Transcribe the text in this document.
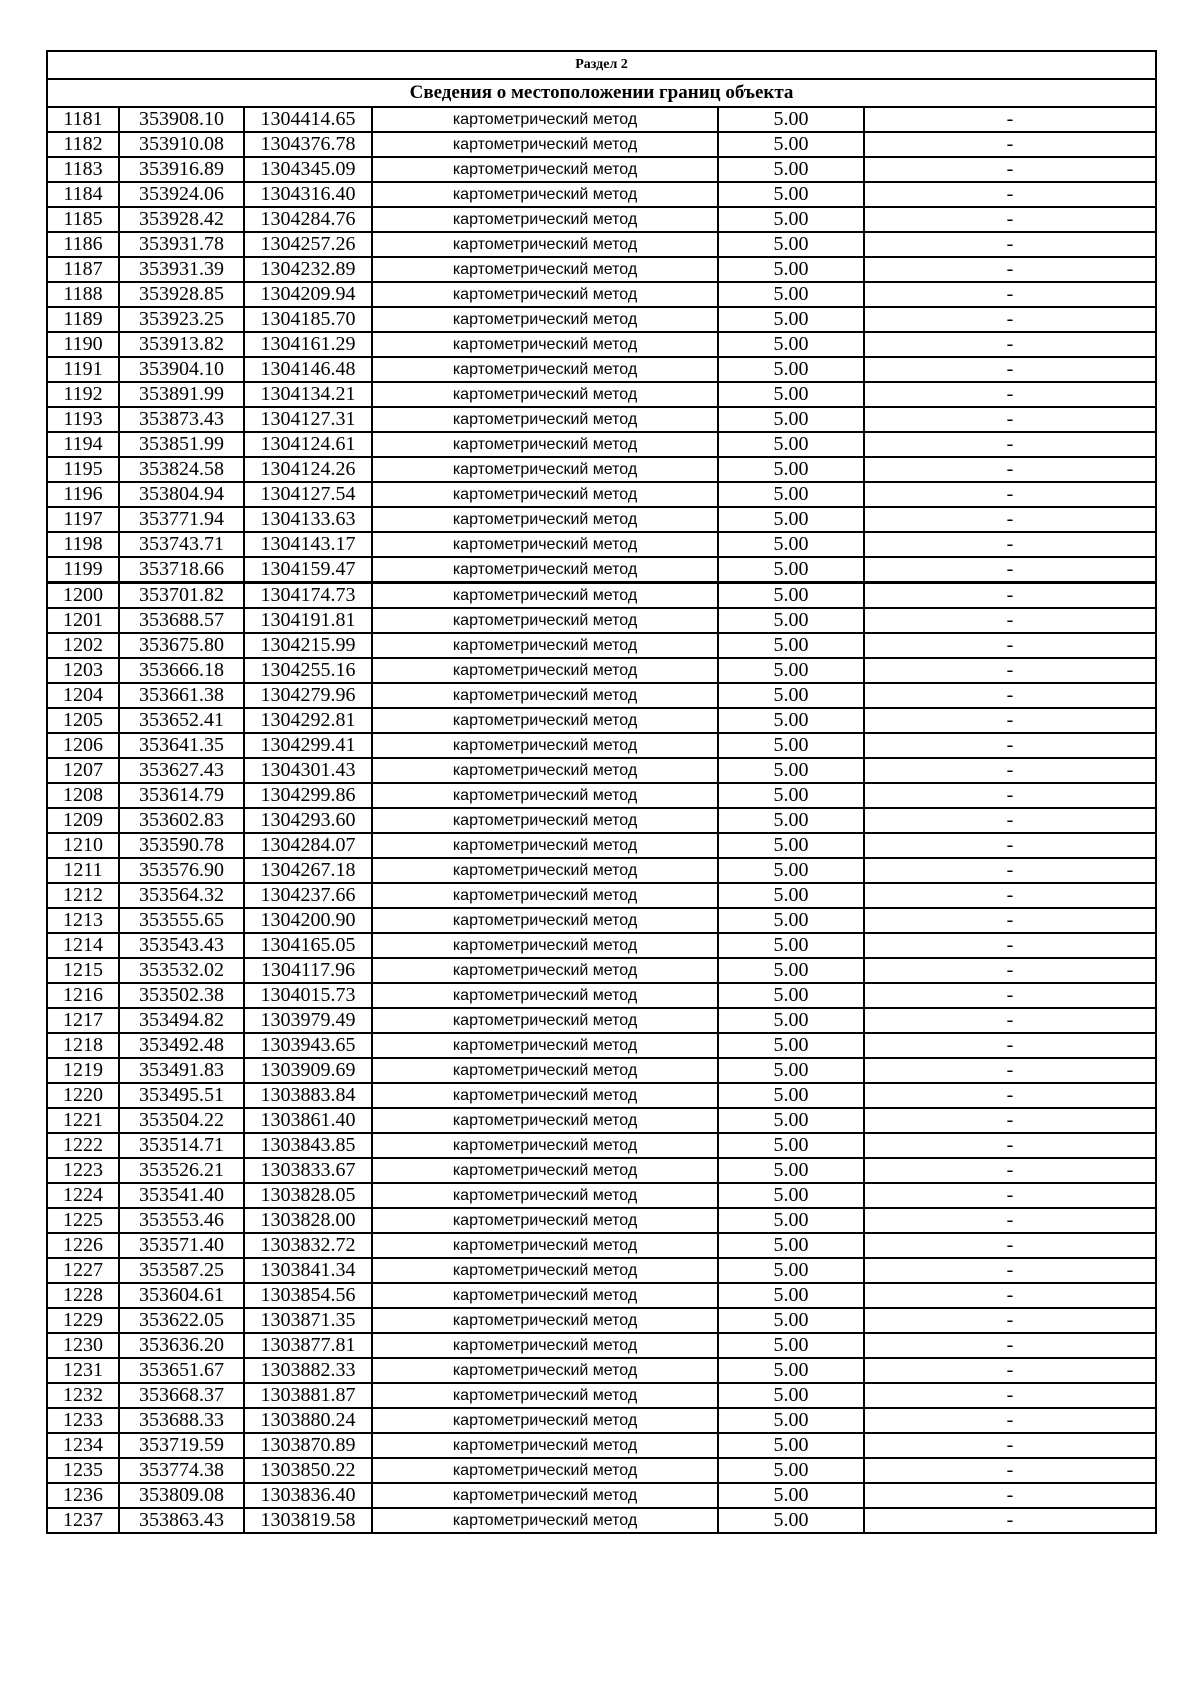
Раздел 2					
Сведения о местоположении границ объекта					
1181	353908.10	1304414.65	картометрический метод	5.00	-
1182	353910.08	1304376.78	картометрический метод	5.00	-
1183	353916.89	1304345.09	картометрический метод	5.00	-
1184	353924.06	1304316.40	картометрический метод	5.00	-
1185	353928.42	1304284.76	картометрический метод	5.00	-
1186	353931.78	1304257.26	картометрический метод	5.00	-
1187	353931.39	1304232.89	картометрический метод	5.00	-
1188	353928.85	1304209.94	картометрический метод	5.00	-
1189	353923.25	1304185.70	картометрический метод	5.00	-
1190	353913.82	1304161.29	картометрический метод	5.00	-
1191	353904.10	1304146.48	картометрический метод	5.00	-
1192	353891.99	1304134.21	картометрический метод	5.00	-
1193	353873.43	1304127.31	картометрический метод	5.00	-
1194	353851.99	1304124.61	картометрический метод	5.00	-
1195	353824.58	1304124.26	картометрический метод	5.00	-
1196	353804.94	1304127.54	картометрический метод	5.00	-
1197	353771.94	1304133.63	картометрический метод	5.00	-
1198	353743.71	1304143.17	картометрический метод	5.00	-
1199	353718.66	1304159.47	картометрический метод	5.00	-
1200	353701.82	1304174.73	картометрический метод	5.00	-
1201	353688.57	1304191.81	картометрический метод	5.00	-
1202	353675.80	1304215.99	картометрический метод	5.00	-
1203	353666.18	1304255.16	картометрический метод	5.00	-
1204	353661.38	1304279.96	картометрический метод	5.00	-
1205	353652.41	1304292.81	картометрический метод	5.00	-
1206	353641.35	1304299.41	картометрический метод	5.00	-
1207	353627.43	1304301.43	картометрический метод	5.00	-
1208	353614.79	1304299.86	картометрический метод	5.00	-
1209	353602.83	1304293.60	картометрический метод	5.00	-
1210	353590.78	1304284.07	картометрический метод	5.00	-
1211	353576.90	1304267.18	картометрический метод	5.00	-
1212	353564.32	1304237.66	картометрический метод	5.00	-
1213	353555.65	1304200.90	картометрический метод	5.00	-
1214	353543.43	1304165.05	картометрический метод	5.00	-
1215	353532.02	1304117.96	картометрический метод	5.00	-
1216	353502.38	1304015.73	картометрический метод	5.00	-
1217	353494.82	1303979.49	картометрический метод	5.00	-
1218	353492.48	1303943.65	картометрический метод	5.00	-
1219	353491.83	1303909.69	картометрический метод	5.00	-
1220	353495.51	1303883.84	картометрический метод	5.00	-
1221	353504.22	1303861.40	картометрический метод	5.00	-
1222	353514.71	1303843.85	картометрический метод	5.00	-
1223	353526.21	1303833.67	картометрический метод	5.00	-
1224	353541.40	1303828.05	картометрический метод	5.00	-
1225	353553.46	1303828.00	картометрический метод	5.00	-
1226	353571.40	1303832.72	картометрический метод	5.00	-
1227	353587.25	1303841.34	картометрический метод	5.00	-
1228	353604.61	1303854.56	картометрический метод	5.00	-
1229	353622.05	1303871.35	картометрический метод	5.00	-
1230	353636.20	1303877.81	картометрический метод	5.00	-
1231	353651.67	1303882.33	картометрический метод	5.00	-
1232	353668.37	1303881.87	картометрический метод	5.00	-
1233	353688.33	1303880.24	картометрический метод	5.00	-
1234	353719.59	1303870.89	картометрический метод	5.00	-
1235	353774.38	1303850.22	картометрический метод	5.00	-
1236	353809.08	1303836.40	картометрический метод	5.00	-
1237	353863.43	1303819.58	картометрический метод	5.00	-
